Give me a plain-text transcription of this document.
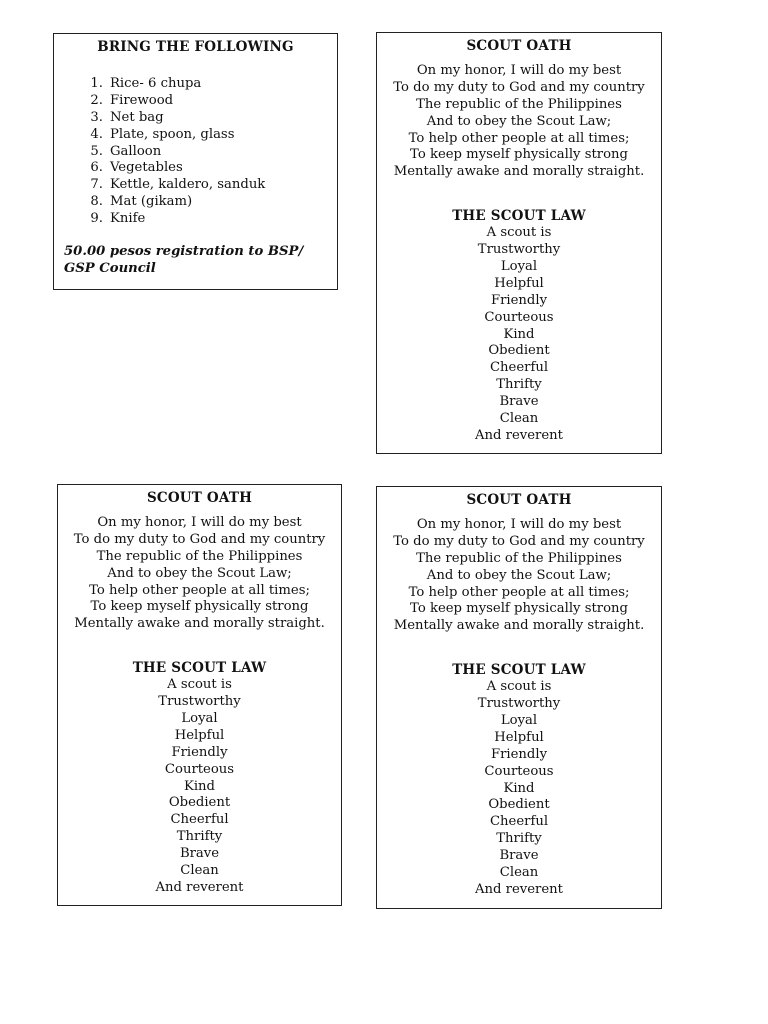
BRING THE FOLLOWING
1. Rice- 6 chupa
2. Firewood
3. Net bag
4. Plate, spoon, glass
5. Galloon
6. Vegetables
7. Kettle, kaldero, sanduk
8. Mat (gikam)
9. Knife
50.00 pesos registration to BSP/
GSP Council
SCOUT OATH
On my honor, I will do my best
To do my duty to God and my country
The republic of the Philippines
And to obey the Scout Law;
To help other people at all times;
To keep myself physically strong
Mentally awake and morally straight.
THE SCOUT LAW
A scout is
Trustworthy
Loyal
Helpful
Friendly
Courteous
Kind
Obedient
Cheerful
Thrifty
Brave
Clean
And reverent
SCOUT OATH
On my honor, I will do my best
To do my duty to God and my country
The republic of the Philippines
And to obey the Scout Law;
To help other people at all times;
To keep myself physically strong
Mentally awake and morally straight.
THE SCOUT LAW
A scout is
Trustworthy
Loyal
Helpful
Friendly
Courteous
Kind
Obedient
Cheerful
Thrifty
Brave
Clean
And reverent
SCOUT OATH
On my honor, I will do my best
To do my duty to God and my country
The republic of the Philippines
And to obey the Scout Law;
To help other people at all times;
To keep myself physically strong
Mentally awake and morally straight.
THE SCOUT LAW
A scout is
Trustworthy
Loyal
Helpful
Friendly
Courteous
Kind
Obedient
Cheerful
Thrifty
Brave
Clean
And reverent
